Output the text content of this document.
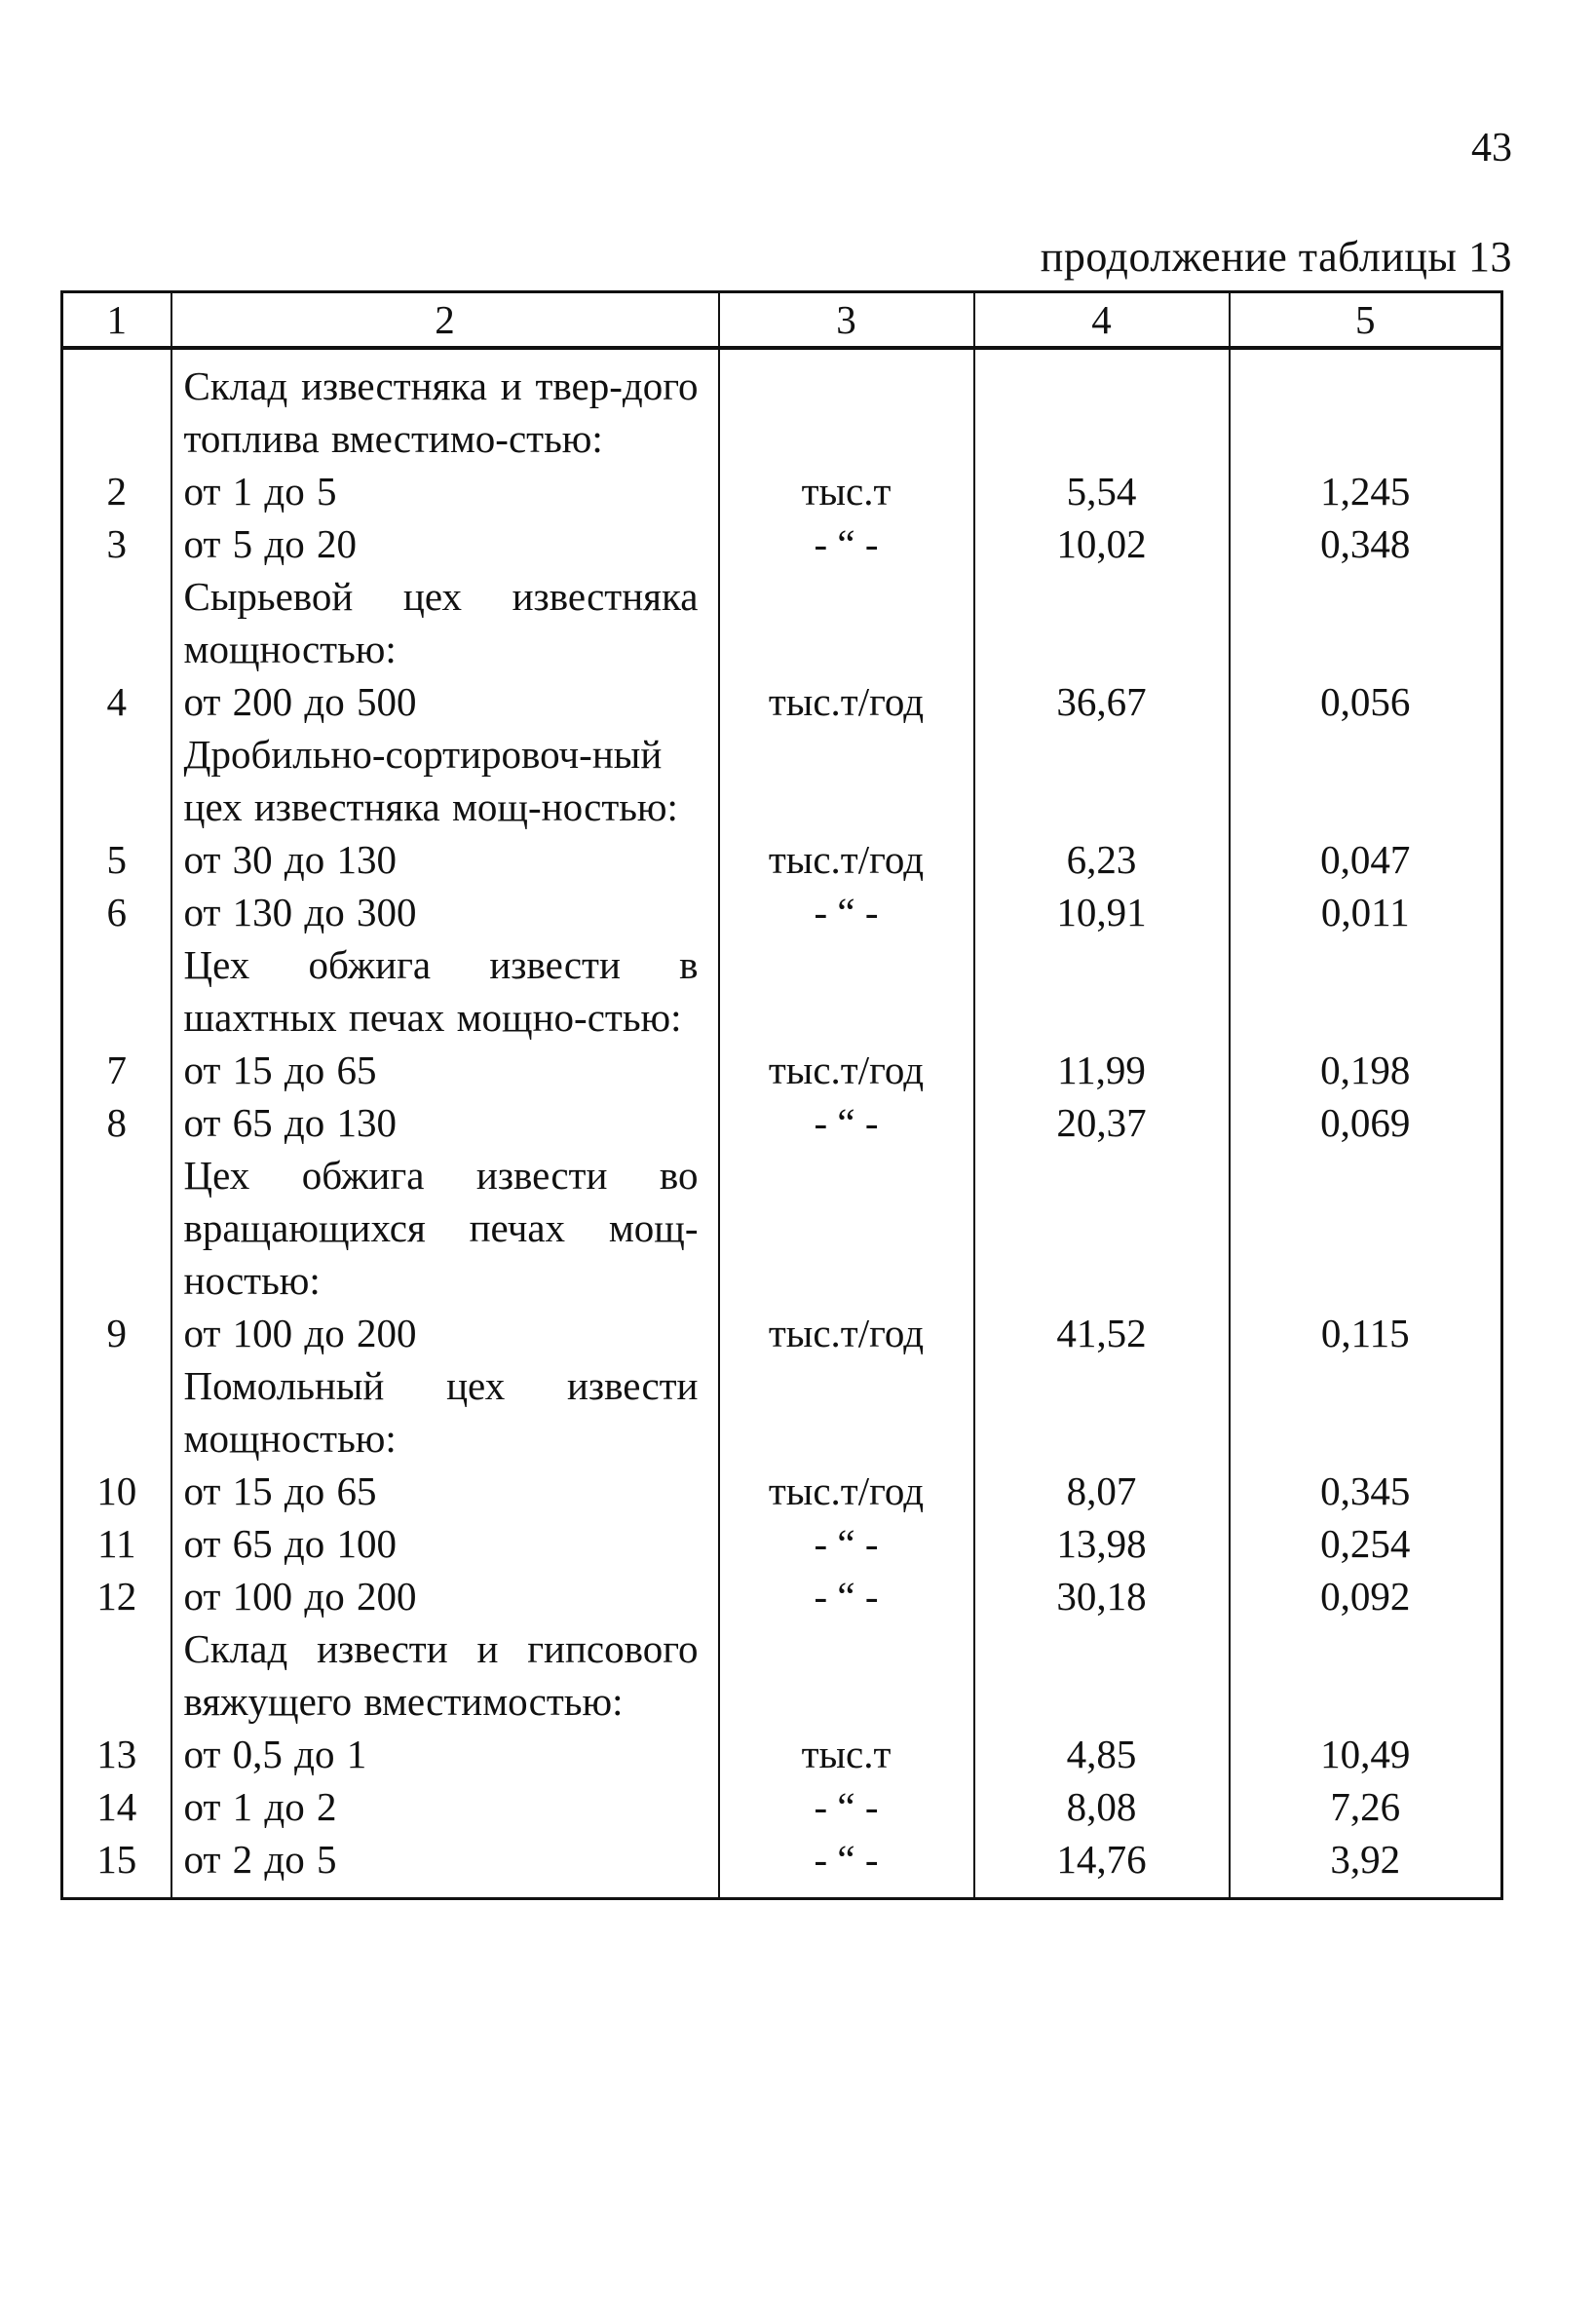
43
продолжение таблицы 13
1	2	3	4	5
	Склад известняка и твер-дого топлива вместимо-стью:			
2	от 1 до 5	тыс.т	5,54	1,245
3	от 5 до 20	- “ -	10,02	0,348
	Сырьевой цех известняка мощностью:			
4	от 200 до 500	тыс.т/год	36,67	0,056
	Дробильно-сортировоч-ный цех известняка мощ-ностью:			
5	от 30 до 130	тыс.т/год	6,23	0,047
6	от 130 до 300	- “ -	10,91	0,011
	Цех обжига извести в шахтных печах мощно-стью:			
7	от 15 до 65	тыс.т/год	11,99	0,198
8	от 65 до 130	- “ -	20,37	0,069
	Цех обжига извести во вращающихся печах мощ-ностью:			
9	от 100 до 200	тыс.т/год	41,52	0,115
	Помольный цех извести мощностью:			
10	от 15 до 65	тыс.т/год	8,07	0,345
11	от 65 до 100	- “ -	13,98	0,254
12	от 100 до 200	- “ -	30,18	0,092
	Склад извести и гипсового вяжущего вместимостью:			
13	от 0,5 до 1	тыс.т	4,85	10,49
14	от 1 до 2	- “ -	8,08	7,26
15	от 2 до 5	- “ -	14,76	3,92
